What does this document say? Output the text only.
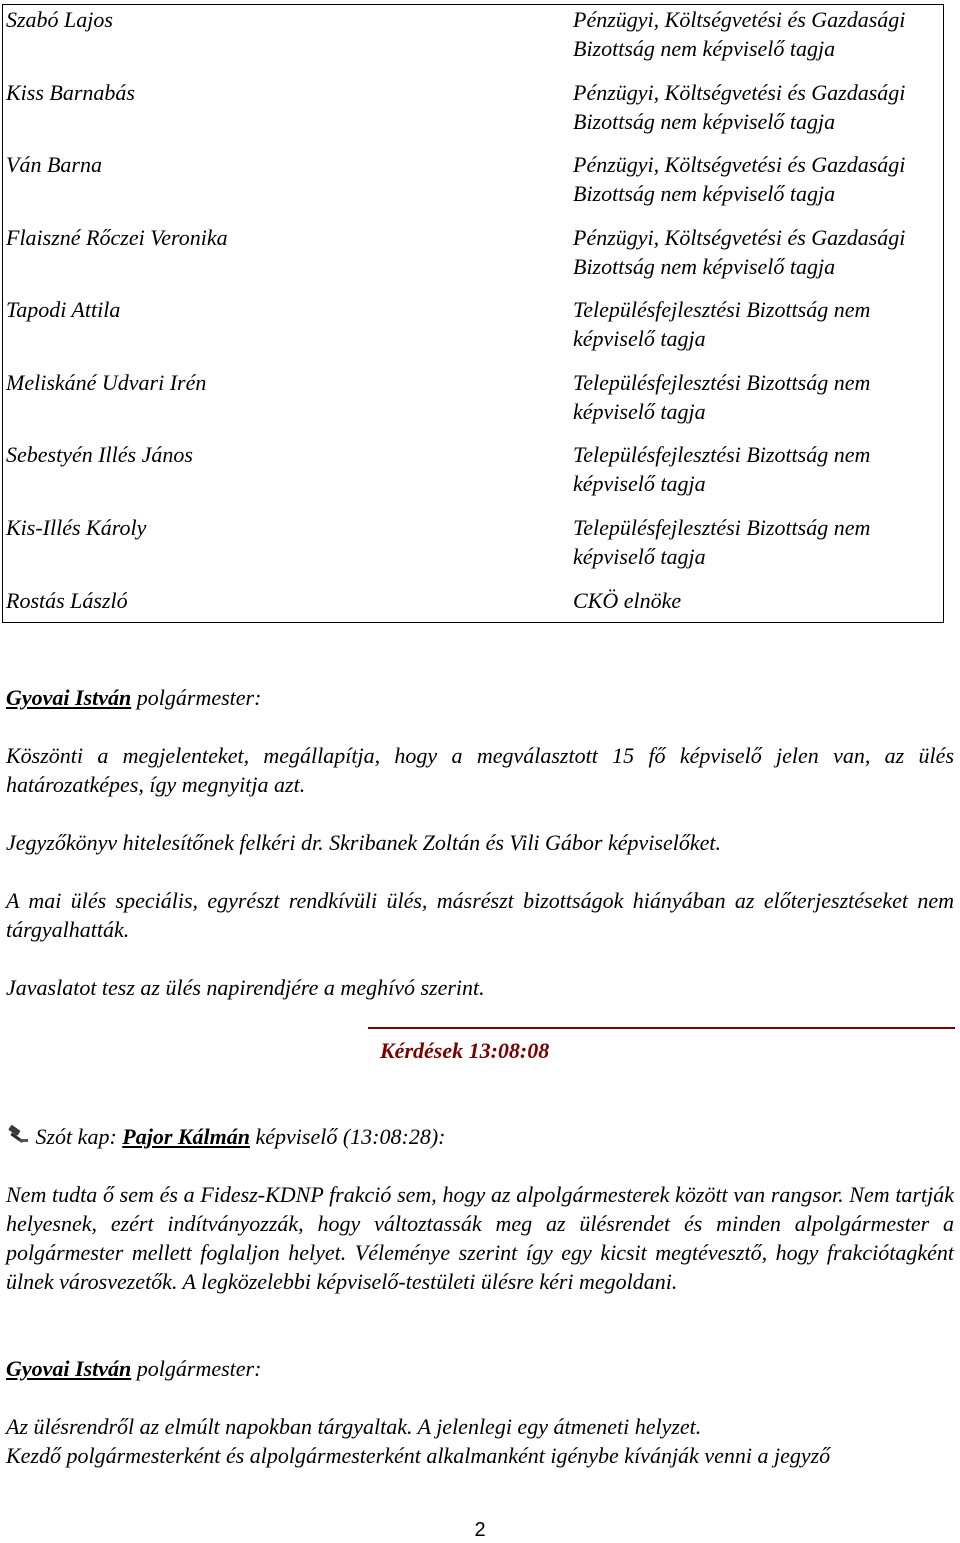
Szabó Lajos	Pénzügyi, Költségvetési és Gazdasági Bizottság nem képviselő tagja
Kiss Barnabás	Pénzügyi, Költségvetési és Gazdasági Bizottság nem képviselő tagja
Ván Barna	Pénzügyi, Költségvetési és Gazdasági Bizottság nem képviselő tagja
Flaiszné Rőczei Veronika	Pénzügyi, Költségvetési és Gazdasági Bizottság nem képviselő tagja
Tapodi Attila	Településfejlesztési Bizottság nem képviselő tagja
Meliskáné Udvari Irén	Településfejlesztési Bizottság nem képviselő tagja
Sebestyén Illés János	Településfejlesztési Bizottság nem képviselő tagja
Kis-Illés Károly	Településfejlesztési Bizottság nem képviselő tagja
Rostás László	CKÖ elnöke
Gyovai István polgármester:
Köszönti a megjelenteket, megállapítja, hogy a megválasztott 15 fő képviselő jelen van, az ülés határozatképes, így megnyitja azt.
Jegyzőkönyv hitelesítőnek felkéri dr. Skribanek Zoltán és Vili Gábor képviselőket.
A mai ülés speciális, egyrészt rendkívüli ülés, másrészt bizottságok hiányában az előterjesztéseket nem tárgyalhatták.
Javaslatot tesz az ülés napirendjére a meghívó szerint.
Kérdések 13:08:08
Szót kap: Pajor Kálmán képviselő (13:08:28):
Nem tudta ő sem és a Fidesz-KDNP frakció sem, hogy az alpolgármesterek között van rangsor. Nem tartják helyesnek, ezért indítványozzák, hogy változtassák meg az ülésrendet és minden alpolgármester a polgármester mellett foglaljon helyet. Véleménye szerint így egy kicsit megtévesztő, hogy frakciótagként ülnek városvezetők. A legközelebbi képviselő-testületi ülésre kéri megoldani.
Gyovai István polgármester:
Az ülésrendről az elmúlt napokban tárgyaltak. A jelenlegi egy átmeneti helyzet.
Kezdő polgármesterként és alpolgármesterként alkalmanként igénybe kívánják venni a jegyző
2
